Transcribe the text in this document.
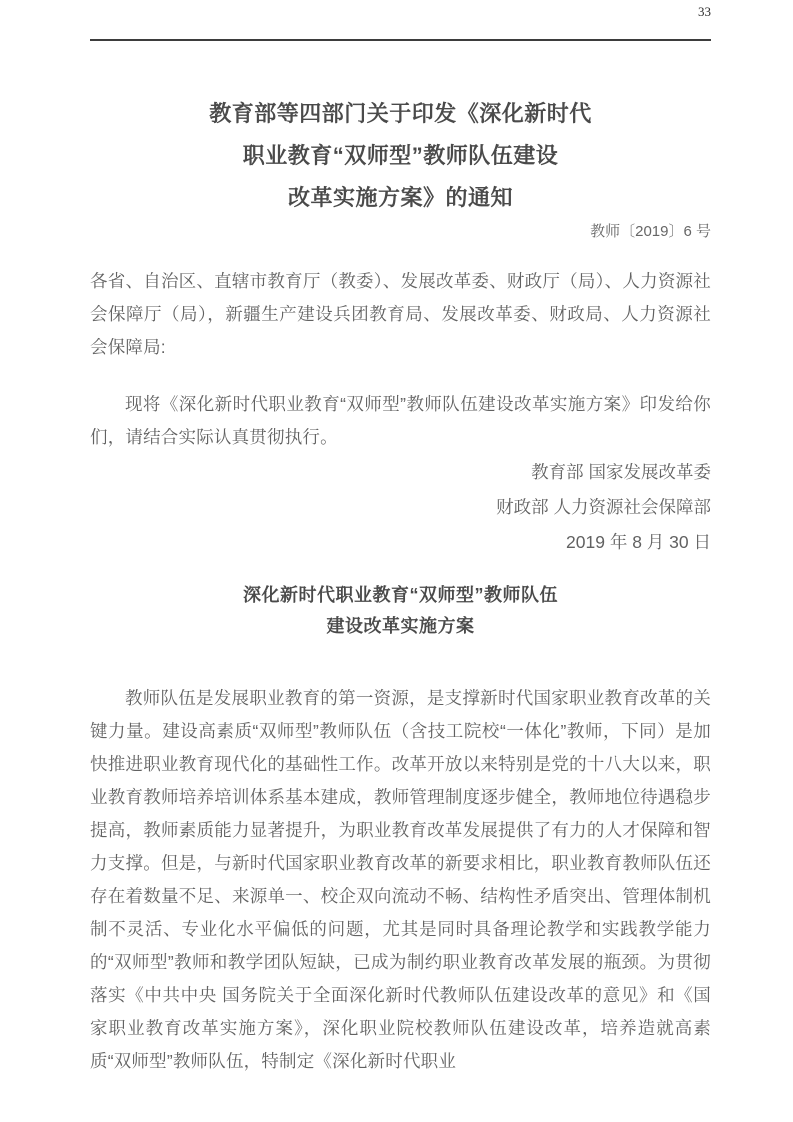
33
教育部等四部门关于印发《深化新时代
职业教育“双师型”教师队伍建设
改革实施方案》的通知
教师〔2019〕6 号

各省、自治区、直辖市教育厅（教委）、发展改革委、财政厅（局）、人力资源社会保障厅（局），新疆生产建设兵团教育局、发展改革委、财政局、人力资源社会保障局:

现将《深化新时代职业教育“双师型”教师队伍建设改革实施方案》印发给你们，请结合实际认真贯彻执行。

教育部 国家发展改革委
财政部 人力资源社会保障部
2019 年 8 月 30 日
深化新时代职业教育“双师型”教师队伍
建设改革实施方案

教师队伍是发展职业教育的第一资源，是支撑新时代国家职业教育改革的关键力量。建设高素质“双师型”教师队伍（含技工院校“一体化”教师，下同）是加快推进职业教育现代化的基础性工作。改革开放以来特别是党的十八大以来，职业教育教师培养培训体系基本建成，教师管理制度逐步健全，教师地位待遇稳步提高，教师素质能力显著提升，为职业教育改革发展提供了有力的人才保障和智力支撑。但是，与新时代国家职业教育改革的新要求相比，职业教育教师队伍还存在着数量不足、来源单一、校企双向流动不畅、结构性矛盾突出、管理体制机制不灵活、专业化水平偏低的问题，尤其是同时具备理论教学和实践教学能力的“双师型”教师和教学团队短缺，已成为制约职业教育改革发展的瓶颈。为贯彻落实《中共中央 国务院关于全面深化新时代教师队伍建设改革的意见》和《国家职业教育改革实施方案》，深化职业院校教师队伍建设改革，培养造就高素质“双师型”教师队伍，特制定《深化新时代职业
